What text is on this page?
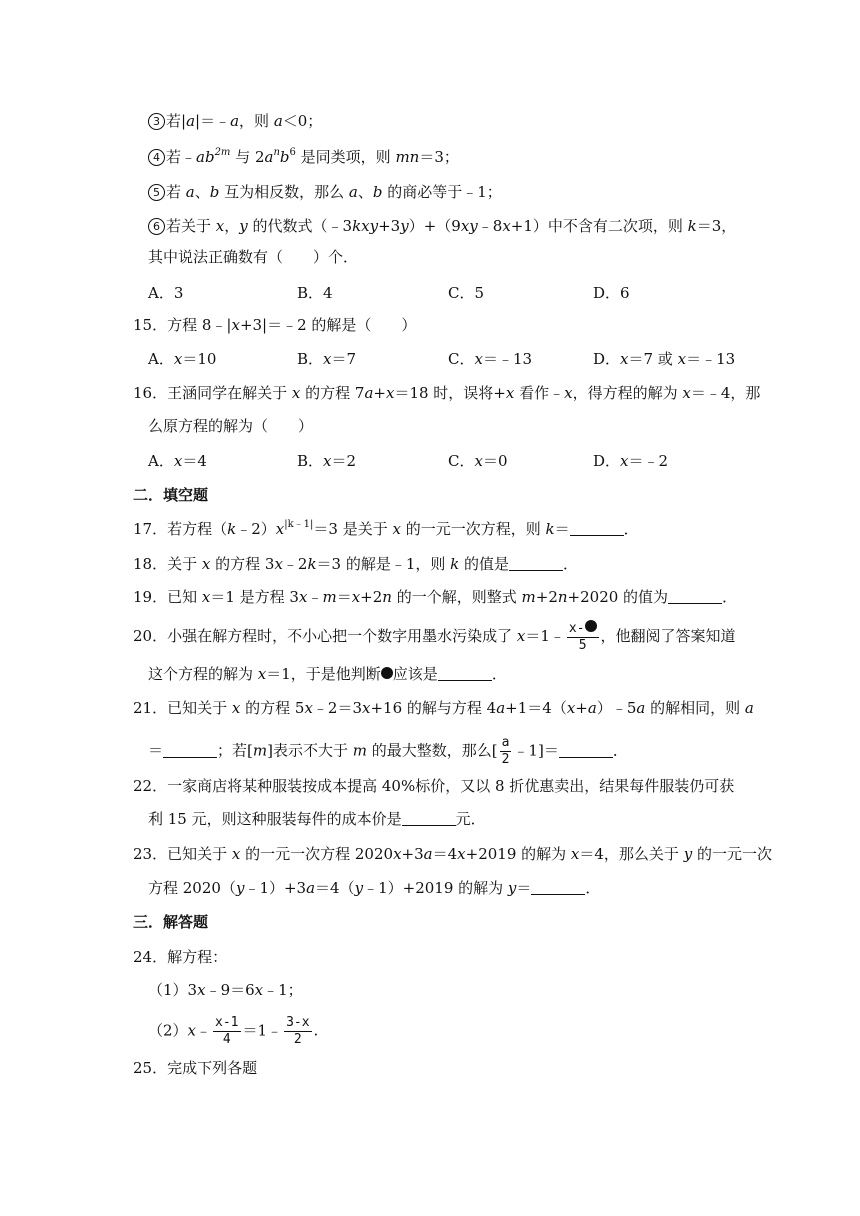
3 若|a|＝﹣a，则 a＜0；
4 若$﹣ab^{2m}$ 与 $2a^nb^6$ 是同类项，则 mn＝3；
5 若 a、b 互为相反数，那么 a、b 的商必等于﹣1；
6 若关于 x，y 的代数式（﹣3kxy+3y）+（9xy﹣8x+1）中不含有二次项，则 k＝3，
其中说法正确数有（　　）个．
A．3	B．4	C．5	D．6
15．方程 8﹣|x+3|＝﹣2 的解是（　　）
A．x＝10	B．x＝7	C．x＝﹣13	D．x＝7 或 x＝﹣13
16．王涵同学在解关于 x 的方程 7a+x＝18 时，误将+x 看作﹣x，得方程的解为 x＝﹣4，那
么原方程的解为（　　）
A．x＝4	B．x＝2	C．x＝0	D．x＝﹣2
二．填空题
17．若方程$(k﹣2)x^{|k﹣1|}=3$ 是关于 x 的一元一次方程，则 k＝	．
18．关于 x 的方程 3x﹣2k＝3 的解是﹣1，则 k 的值是	．
19．已知 x＝1 是方程 3x﹣m＝x+2n 的一个解，则整式 m+2n+2020 的值为	．
20．小强在解方程时，不小心把一个数字用墨水污染成了 x＝1﹣ $\frac{x-}{5}$ ，他翻阅了答案知道
这个方程的解为 x＝1，于是他判断 应该是	．
21．已知关于 x 的方程 5x﹣2＝3x+16 的解与方程 4a+1＝4（x+a）﹣5a 的解相同，则 a
＝	；若[m]表示不大于 m 的最大整数，那么[ $\frac{a}{2}$ ﹣1]＝	．
22．一家商店将某种服装按成本提高 40%标价，又以 8 折优惠卖出，结果每件服装仍可获
利 15 元，则这种服装每件的成本价是	元．
23．已知关于 x 的一元一次方程 2020x+3a＝4x+2019 的解为 x＝4，那么关于 y 的一元一次
方程 2020（y﹣1）+3a＝4（y﹣1）+2019 的解为 y＝	．
三．解答题
24．解方程：
（1）3x﹣9＝6x﹣1；
（2）x﹣ $\frac{x-1}{4}$ ＝1﹣ $\frac{3-x}{2}$ .
25．完成下列各题
